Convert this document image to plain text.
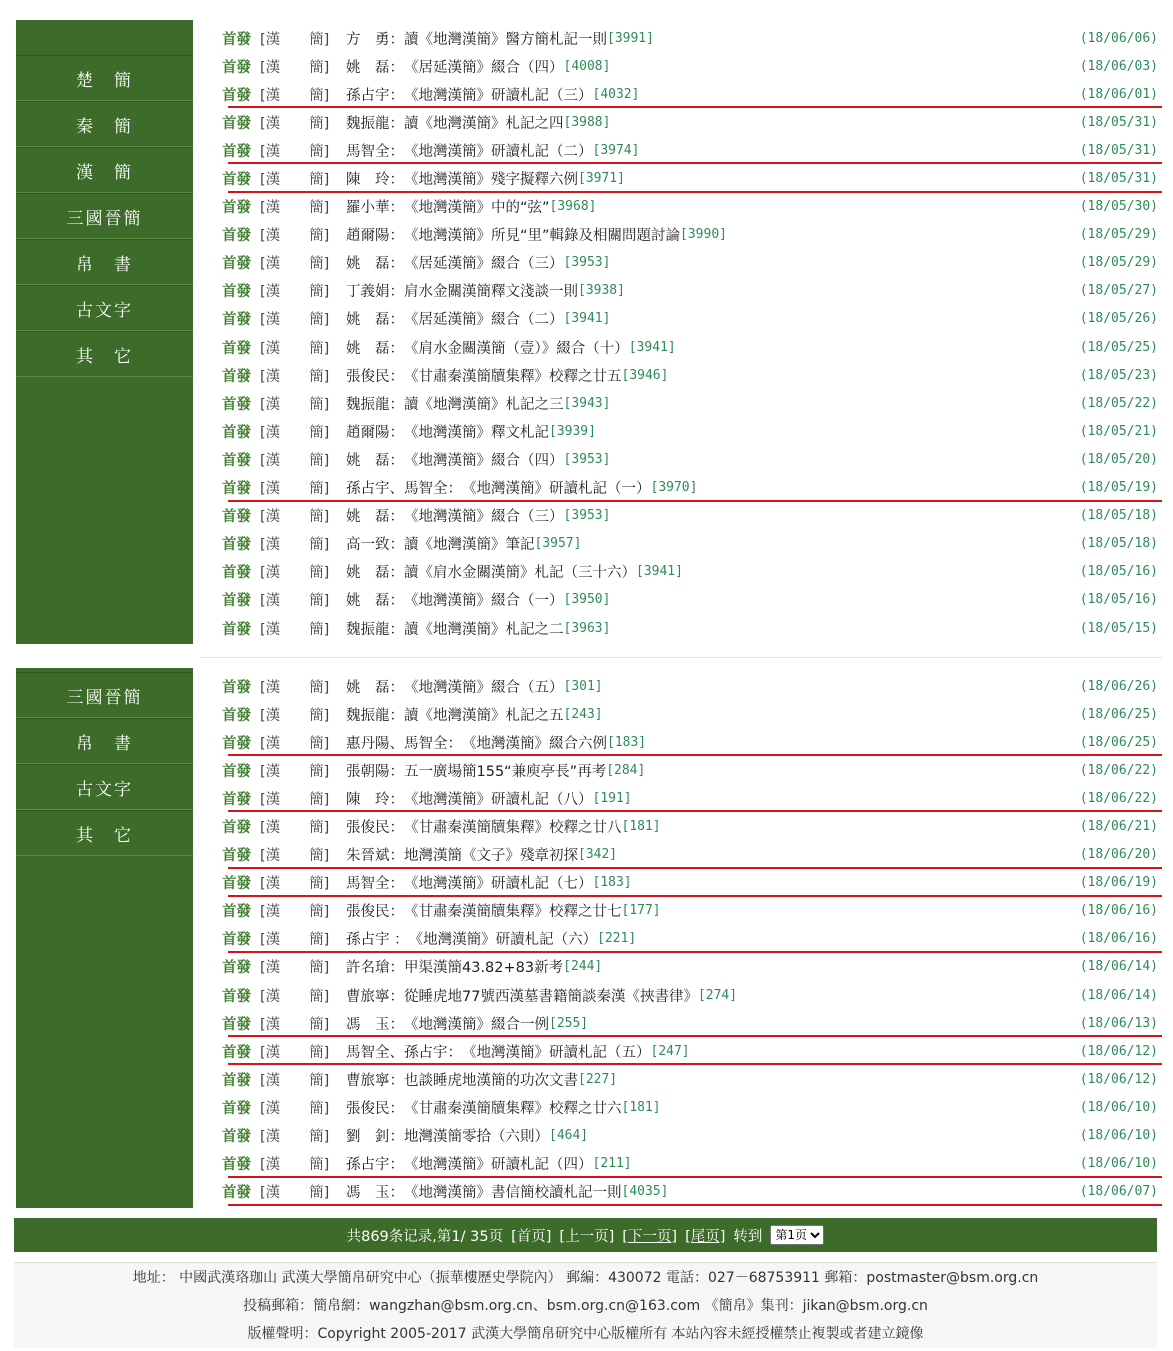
楚　簡
秦　簡
漢　簡
三國晉簡
帛　書
古文字
其　它
首發 [漢　　簡]	方　勇： 讀《地灣漢簡》醫方簡札記一則 [3991]	(18/06/06)
首發 [漢　　簡]	姚　磊： 《居延漢簡》綴合（四） [4008]	(18/06/03)
首發 [漢　　簡]	孫占宇： 《地灣漢簡》研讀札記（三） [4032]	(18/06/01)
首發 [漢　　簡]	魏振龍： 讀《地灣漢簡》札記之四 [3988]	(18/05/31)
首發 [漢　　簡]	馬智全： 《地灣漢簡》研讀札記（二） [3974]	(18/05/31)
首發 [漢　　簡]	陳　玲： 《地灣漢簡》殘字擬釋六例 [3971]	(18/05/31)
首發 [漢　　簡]	羅小華： 《地灣漢簡》中的“弦” [3968]	(18/05/30)
首發 [漢　　簡]	趙爾陽： 《地灣漢簡》所見“里”輯錄及相關問題討論 [3990]	(18/05/29)
首發 [漢　　簡]	姚　磊： 《居延漢簡》綴合（三） [3953]	(18/05/29)
首發 [漢　　簡]	丁義娟： 肩水金關漢簡釋文淺談一則 [3938]	(18/05/27)
首發 [漢　　簡]	姚　磊： 《居延漢簡》綴合（二） [3941]	(18/05/26)
首發 [漢　　簡]	姚　磊： 《肩水金關漢簡（壹）》綴合（十） [3941]	(18/05/25)
首發 [漢　　簡]	張俊民： 《甘肅秦漢簡牘集釋》校釋之廿五 [3946]	(18/05/23)
首發 [漢　　簡]	魏振龍： 讀《地灣漢簡》札記之三 [3943]	(18/05/22)
首發 [漢　　簡]	趙爾陽： 《地灣漢簡》釋文札記 [3939]	(18/05/21)
首發 [漢　　簡]	姚　磊： 《地灣漢簡》綴合（四） [3953]	(18/05/20)
首發 [漢　　簡]	孫占宇、馬智全： 《地灣漢簡》研讀札記（一） [3970]	(18/05/19)
首發 [漢　　簡]	姚　磊： 《地灣漢簡》綴合（三） [3953]	(18/05/18)
首發 [漢　　簡]	高一致： 讀《地灣漢簡》筆記 [3957]	(18/05/18)
首發 [漢　　簡]	姚　磊： 讀《肩水金關漢簡》札記（三十六） [3941]	(18/05/16)
首發 [漢　　簡]	姚　磊： 《地灣漢簡》綴合（一） [3950]	(18/05/16)
首發 [漢　　簡]	魏振龍： 讀《地灣漢簡》札記之二 [3963]	(18/05/15)
三國晉簡
帛　書
古文字
其　它
首發 [漢　　簡]	姚　磊： 《地灣漢簡》綴合（五） [301]	(18/06/26)
首發 [漢　　簡]	魏振龍： 讀《地灣漢簡》札記之五 [243]	(18/06/25)
首發 [漢　　簡]	惠丹陽、馬智全： 《地灣漢簡》綴合六例 [183]	(18/06/25)
首發 [漢　　簡]	張朝陽： 五一廣場簡155“兼庾亭長”再考 [284]	(18/06/22)
首發 [漢　　簡]	陳　玲： 《地灣漢簡》研讀札記（八） [191]	(18/06/22)
首發 [漢　　簡]	張俊民： 《甘肅秦漢簡牘集釋》校釋之廿八 [181]	(18/06/21)
首發 [漢　　簡]	朱晉斌： 地灣漢簡《文子》殘章初探 [342]	(18/06/20)
首發 [漢　　簡]	馬智全： 《地灣漢簡》研讀札記（七） [183]	(18/06/19)
首發 [漢　　簡]	張俊民： 《甘肅秦漢簡牘集釋》校釋之廿七 [177]	(18/06/16)
首發 [漢　　簡]	孫占宇 ： 《地灣漢簡》研讀札記（六） [221]	(18/06/16)
首發 [漢　　簡]	許名瑲： 甲渠漢簡43.82+83新考 [244]	(18/06/14)
首發 [漢　　簡]	曹旅寧： 從睡虎地77號西漢墓書籍簡談秦漢《挾書律》 [274]	(18/06/14)
首發 [漢　　簡]	馮　玉： 《地灣漢簡》綴合一例 [255]	(18/06/13)
首發 [漢　　簡]	馬智全、孫占宇： 《地灣漢簡》研讀札記（五） [247]	(18/06/12)
首發 [漢　　簡]	曹旅寧： 也談睡虎地漢簡的功次文書 [227]	(18/06/12)
首發 [漢　　簡]	張俊民： 《甘肅秦漢簡牘集釋》校釋之廿六 [181]	(18/06/10)
首發 [漢　　簡]	劉　釗： 地灣漢簡零拾（六則） [464]	(18/06/10)
首發 [漢　　簡]	孫占宇： 《地灣漢簡》研讀札記（四） [211]	(18/06/10)
首發 [漢　　簡]	馮　玉： 《地灣漢簡》書信簡校讀札記一則 [4035]	(18/06/07)
共869条记录,第1/ 35页 [首页] [上一页] [下一页] [尾页] 转到
第1页
地址： 中國武漢珞珈山 武漢大學簡帛研究中心（振華樓歷史學院內） 郵編：430072 電話：027－68753911 郵箱：postmaster@bsm.org.cn
投稿郵箱：簡帛網：wangzhan@bsm.org.cn、bsm.org.cn@163.com 《簡帛》集刊：jikan@bsm.org.cn
版權聲明：Copyright 2005-2017 武漢大學簡帛研究中心版權所有 本站內容未經授權禁止複製或者建立鏡像
